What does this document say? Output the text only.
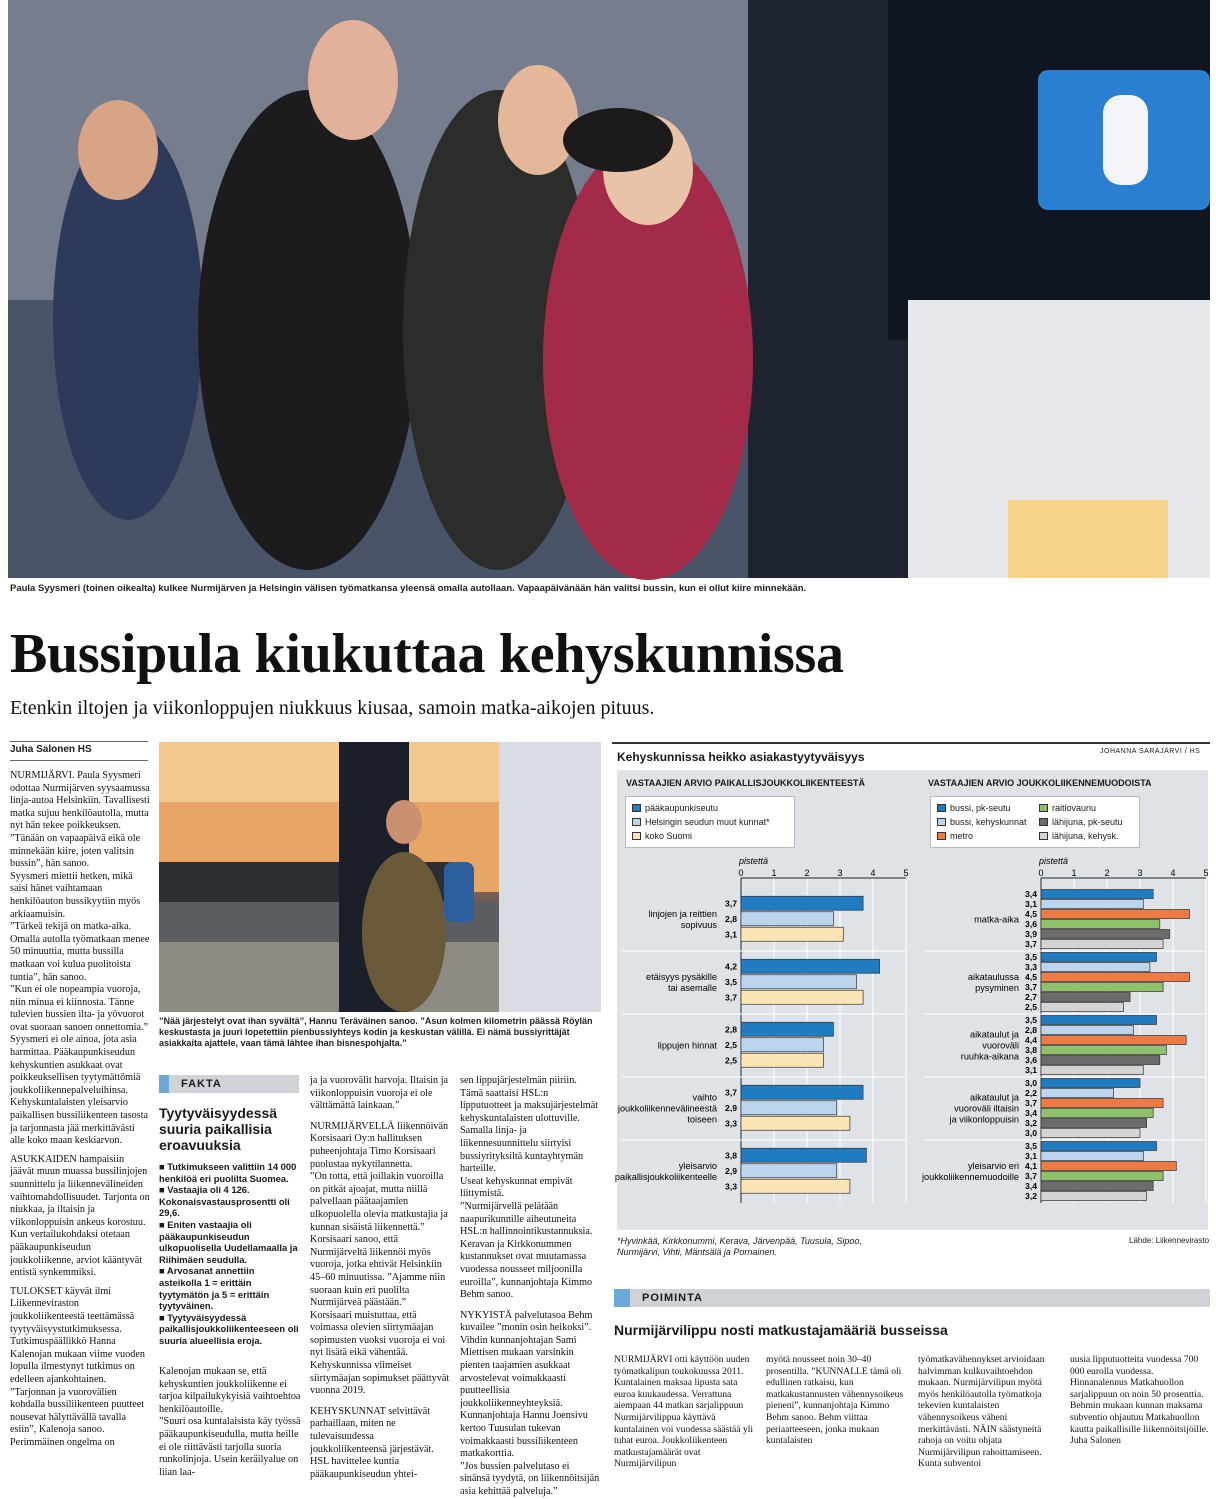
Paula Syysmeri (toinen oikealta) kulkee Nurmijärven ja Helsingin välisen työmatkansa yleensä omalla autollaan. Vapaapäivänään hän valitsi bussin, kun ei ollut kiire minnekään.
Bussipula kiukuttaa kehyskunnissa
Etenkin iltojen ja viikonloppujen niukkuus kiusaa, samoin matka-aikojen pituus.
Juha Salonen HS

NURMIJÄRVI. Paula Syysmeri odottaa Nurmijärven syysaamussa linja-autoa Helsinkiin. Tavallisesti matka sujuu henkilöautolla, mutta nyt hän tekee poikkeuksen.

”Tänään on vapaapäivä eikä ole minnekään kiire, joten valitsin bussin”, hän sanoo.

Syysmeri miettii hetken, mikä saisi hänet vaihtamaan henkilöauton bussikyytiin myös arkiaamuisin.

”Tärkeä tekijä on matka-aika. Omalla autolla työmatkaan menee 50 minuuttia, mutta bussilla matkaan voi kulua puolitoista tuntia”, hän sanoo.

”Kun ei ole nopeampia vuoroja, niin minua ei kiinnosta. Tänne tulevien bussien ilta- ja yövuorot ovat suoraan sanoen onnettomia.”

Syysmeri ei ole ainoa, jota asia harmittaa. Pääkaupunkiseudun kehyskuntien asukkaat ovat poikkeuksellisen tyytymättömiä joukkoliikennepalveluihinsa. Kehyskuntalaisten yleisarvio paikallisen bussiliikenteen tasosta ja tarjonnasta jää merkittävästi alle koko maan keskiarvon.

ASUKKAIDEN hampaisiin jäävät muun muassa bussilinjojen suunnittelu ja liikennevälineiden vaihtomahdollisuudet. Tarjonta on niukkaa, ja iltaisin ja viikonloppuisin ankeus korostuu.

Kun vertailukohdaksi otetaan pääkaupunkiseudun joukkoliikenne, arviot kääntyvät entistä synkemmiksi.

TULOKSET käyvät ilmi Liikenneviraston joukkoliikenteestä teettämässä tyytyväisyystutkimuksessa.

Tutkimuspäällikkö Hanna Kalenojan mukaan viime vuoden lopulla ilmestynyt tutkimus on edelleen ajankohtainen.

”Tarjonnan ja vuorovälien kohdalla bussiliikenteen puutteet nousevat hälyttävällä tavalla esiin”, Kalenoja sanoo.

Perimmäinen ongelma on

”Nää järjestelyt ovat ihan syvältä”, Hannu Teräväinen sanoo. ”Asun kolmen kilometrin päässä Röylän keskustasta ja juuri lopetettiin pienbussiyhteys kodin ja keskustan välillä. Ei nämä bussiyrittäjät asiakkaita ajattele, vaan tämä lähtee ihan bisnespohjalta.”
FAKTA
Tyytyväisyydessä suuria paikallisia eroavuuksia

■ Tutkimukseen valittiin 14 000 henkilöä eri puolilta Suomea.

■ Vastaajia oli 4 126. Kokonaisvastausprosentti oli 29,6.

■ Eniten vastaajia oli pääkaupunkiseudun ulkopuolisella Uudellamaalla ja Riihimäen seudulla.

■ Arvosanat annettiin asteikolla 1 = erittäin tyytymätön ja 5 = erittäin tyytyväinen.

■ Tyytyväisyydessä paikallisjoukkoliikenteeseen oli suuria alueellisia eroja.

Kalenojan mukaan se, että kehyskuntien joukkoliikenne ei tarjoa kilpailukykyisiä vaihtoehtoa henkilöautoille.

”Suuri osa kuntalaisista käy työssä pääkaupunkiseudulla, mutta heille ei ole riittävästi tarjolla suoria runkolinjoja. Usein keräilyalue on liian laa-

ja ja vuorovälit harvoja. Iltaisin ja viikonloppuisin vuoroja ei ole välttämättä lainkaan.”

NURMIJÄRVELLÄ liikennöivän Korsisaari Oy:n hallituksen puheenjohtaja Timo Korsisaari puolustaa nykytilannetta.

”On totta, että joillakin vuoroilla on pitkät ajoajat, mutta niillä palvellaan päätaajamien ulkopuolella olevia matkustajia ja kunnan sisäistä liikennettä.”

Korsisaari sanoo, että Nurmijärveltä liikennöi myös vuoroja, jotka ehtivät Helsinkiin 45–60 minuutissa. ”Ajamme niin suoraan kuin eri puolilta Nurmijärveä päästään.”

Korsisaari muistuttaa, että voimassa olevien siirtymäajan sopimusten vuoksi vuoroja ei voi nyt lisätä eikä vähentää. Kehyskunnissa viimeiset siirtymäajan sopimukset päättyvät vuonna 2019.

KEHYSKUNNAT selvittävät parhaillaan, miten ne tulevaisuudessa joukkoliikenteensä järjestävät. HSL havittelee kuntia pääkaupunkiseudun yhtei-

sen lippujärjestelmän piiriin.

Tämä saattaisi HSL:n lipputuotteet ja maksujärjestelmät kehyskuntalaisten ulottuville. Samalla linja- ja liikennesuunnittelu siirtyisi bussiyrityksiltä kuntayhtymän harteille.

Useat kehyskunnat empivät liittymistä.

”Nurmijärvellä pelätään naapurikunnille aiheutuneita HSL:n hallinnointikustannuksia. Keravan ja Kirkkonummen kustannukset ovat muutamassa vuodessa nousseet miljoonilla euroilla”, kunnanjohtaja Kimmo Behm sanoo.

NYKYISTÄ palvelutasoa Behm kuvailee ”monin osin heikoksi”.

Vihdin kunnanjohtajan Sami Miettisen mukaan varsinkin pienten taajamien asukkaat arvostelevat voimakkaasti puutteellisia joukkoliikenneyhteyksiä.

Kunnanjohtaja Hannu Joensivu kertoo Tuusulan tukevan voimakkaasti bussiliikenteen matkakorttia.

”Jos bussien palvelutaso ei sinänsä tyydytä, on liikennöitsijän asia kehittää palveluja.”

Kehyskunnissa heikko asiakastyytyväisyys	JOHANNA SARAJÄRVI / HS
VASTAAJIEN ARVIO PAIKALLISJOUKKOLIIKENTEESTÄ	VASTAAJIEN ARVIO JOUKKOLIIKENNEMUODOISTA
pääkaupunkiseutu
Helsingin seudun muut kunnat*
koko Suomi
bussi, pk-seutu	raitiovaunu
bussi, kehyskunnat	lähijuna, pk-seutu
metro	lähijuna, kehysk.
pistettä
0	1	2	3	4	5
linjojen ja reittien
sopivuus
3,7
2,8
3,1
etäisyys pysäkille
tai asemalle
4,2
3,5
3,7
lippujen hinnat
2,8
2,5
2,5
vaihto
joukkoliikennevälineestä
toiseen
3,7
2,9
3,3
yleisarvio
paikallisjoukkoliikenteelle
3,8
2,9
3,3
pistettä
0	1	2	3	4	5
matka-aika
3,4
3,1
4,5
3,6
3,9
3,7
aikataulussa
pysyminen
3,5
3,3
4,5
3,7
2,7
2,5
aikataulut ja
vuoroväli
ruuhka-aikana
3,5
2,8
4,4
3,8
3,6
3,1
aikataulut ja
vuoroväli iltaisin
ja viikonloppuisin
3,0
2,2
3,7
3,4
3,2
3,0
yleisarvio eri
joukkoliikennemuodoille
3,5
3,1
4,1
3,7
3,4
3,2
*Hyvinkää, Kirkkonummi, Kerava, Järvenpää, Tuusula, Sipoo, Nurmijärvi, Vihti, Mäntsälä ja Pornainen.
Lähde: Liikennevirasto
POIMINTA
Nurmijärvilippu nosti matkustajamääriä busseissa
NURMIJÄRVI otti käyttöön uuden työmatkalipun toukokuussa 2011. Kuntalainen maksaa lipusta sata euroa kuukaudessa. Verrattuna aiempaan 44 matkan sarjalippuun Nurmijärvilippua käyttävä kuntalainen voi vuodessa säästää yli tuhat euroa. Joukkoliikenteen matkustajamäärät ovat Nurmijärvilipun
myötä nousseet noin 30–40 prosentilla. ”KUNNALLE tämä oli edullinen ratkaisu, kun matkakustannusten vähennysoikeus pieneni”, kunnanjohtaja Kimmo Behm sanoo. Behm viittaa periaatteeseen, jonka mukaan kuntalaisten
työmatkavähennykset arvioidaan halvimman kulkuvaihtoehdon mukaan. Nurmijärvilipun myötä myös henkilöautolla työmatkoja tekevien kuntalaisten vähennysoikeus väheni merkittävästi. NÄIN säästyneitä rahoja on voitu ohjata Nurmijärvilipun rahoittamiseen. Kunta subventoi
uusia lipputuotteita vuodessa 700 000 eurolla vuodessa. Hinnanalennus Matkahuollon sarjalippuun on noin 50 prosenttia. Behmin mukaan kunnan maksama subventio ohjautuu Matkahuollon kautta paikallisille liikennöitsijöille. Juha Salonen
